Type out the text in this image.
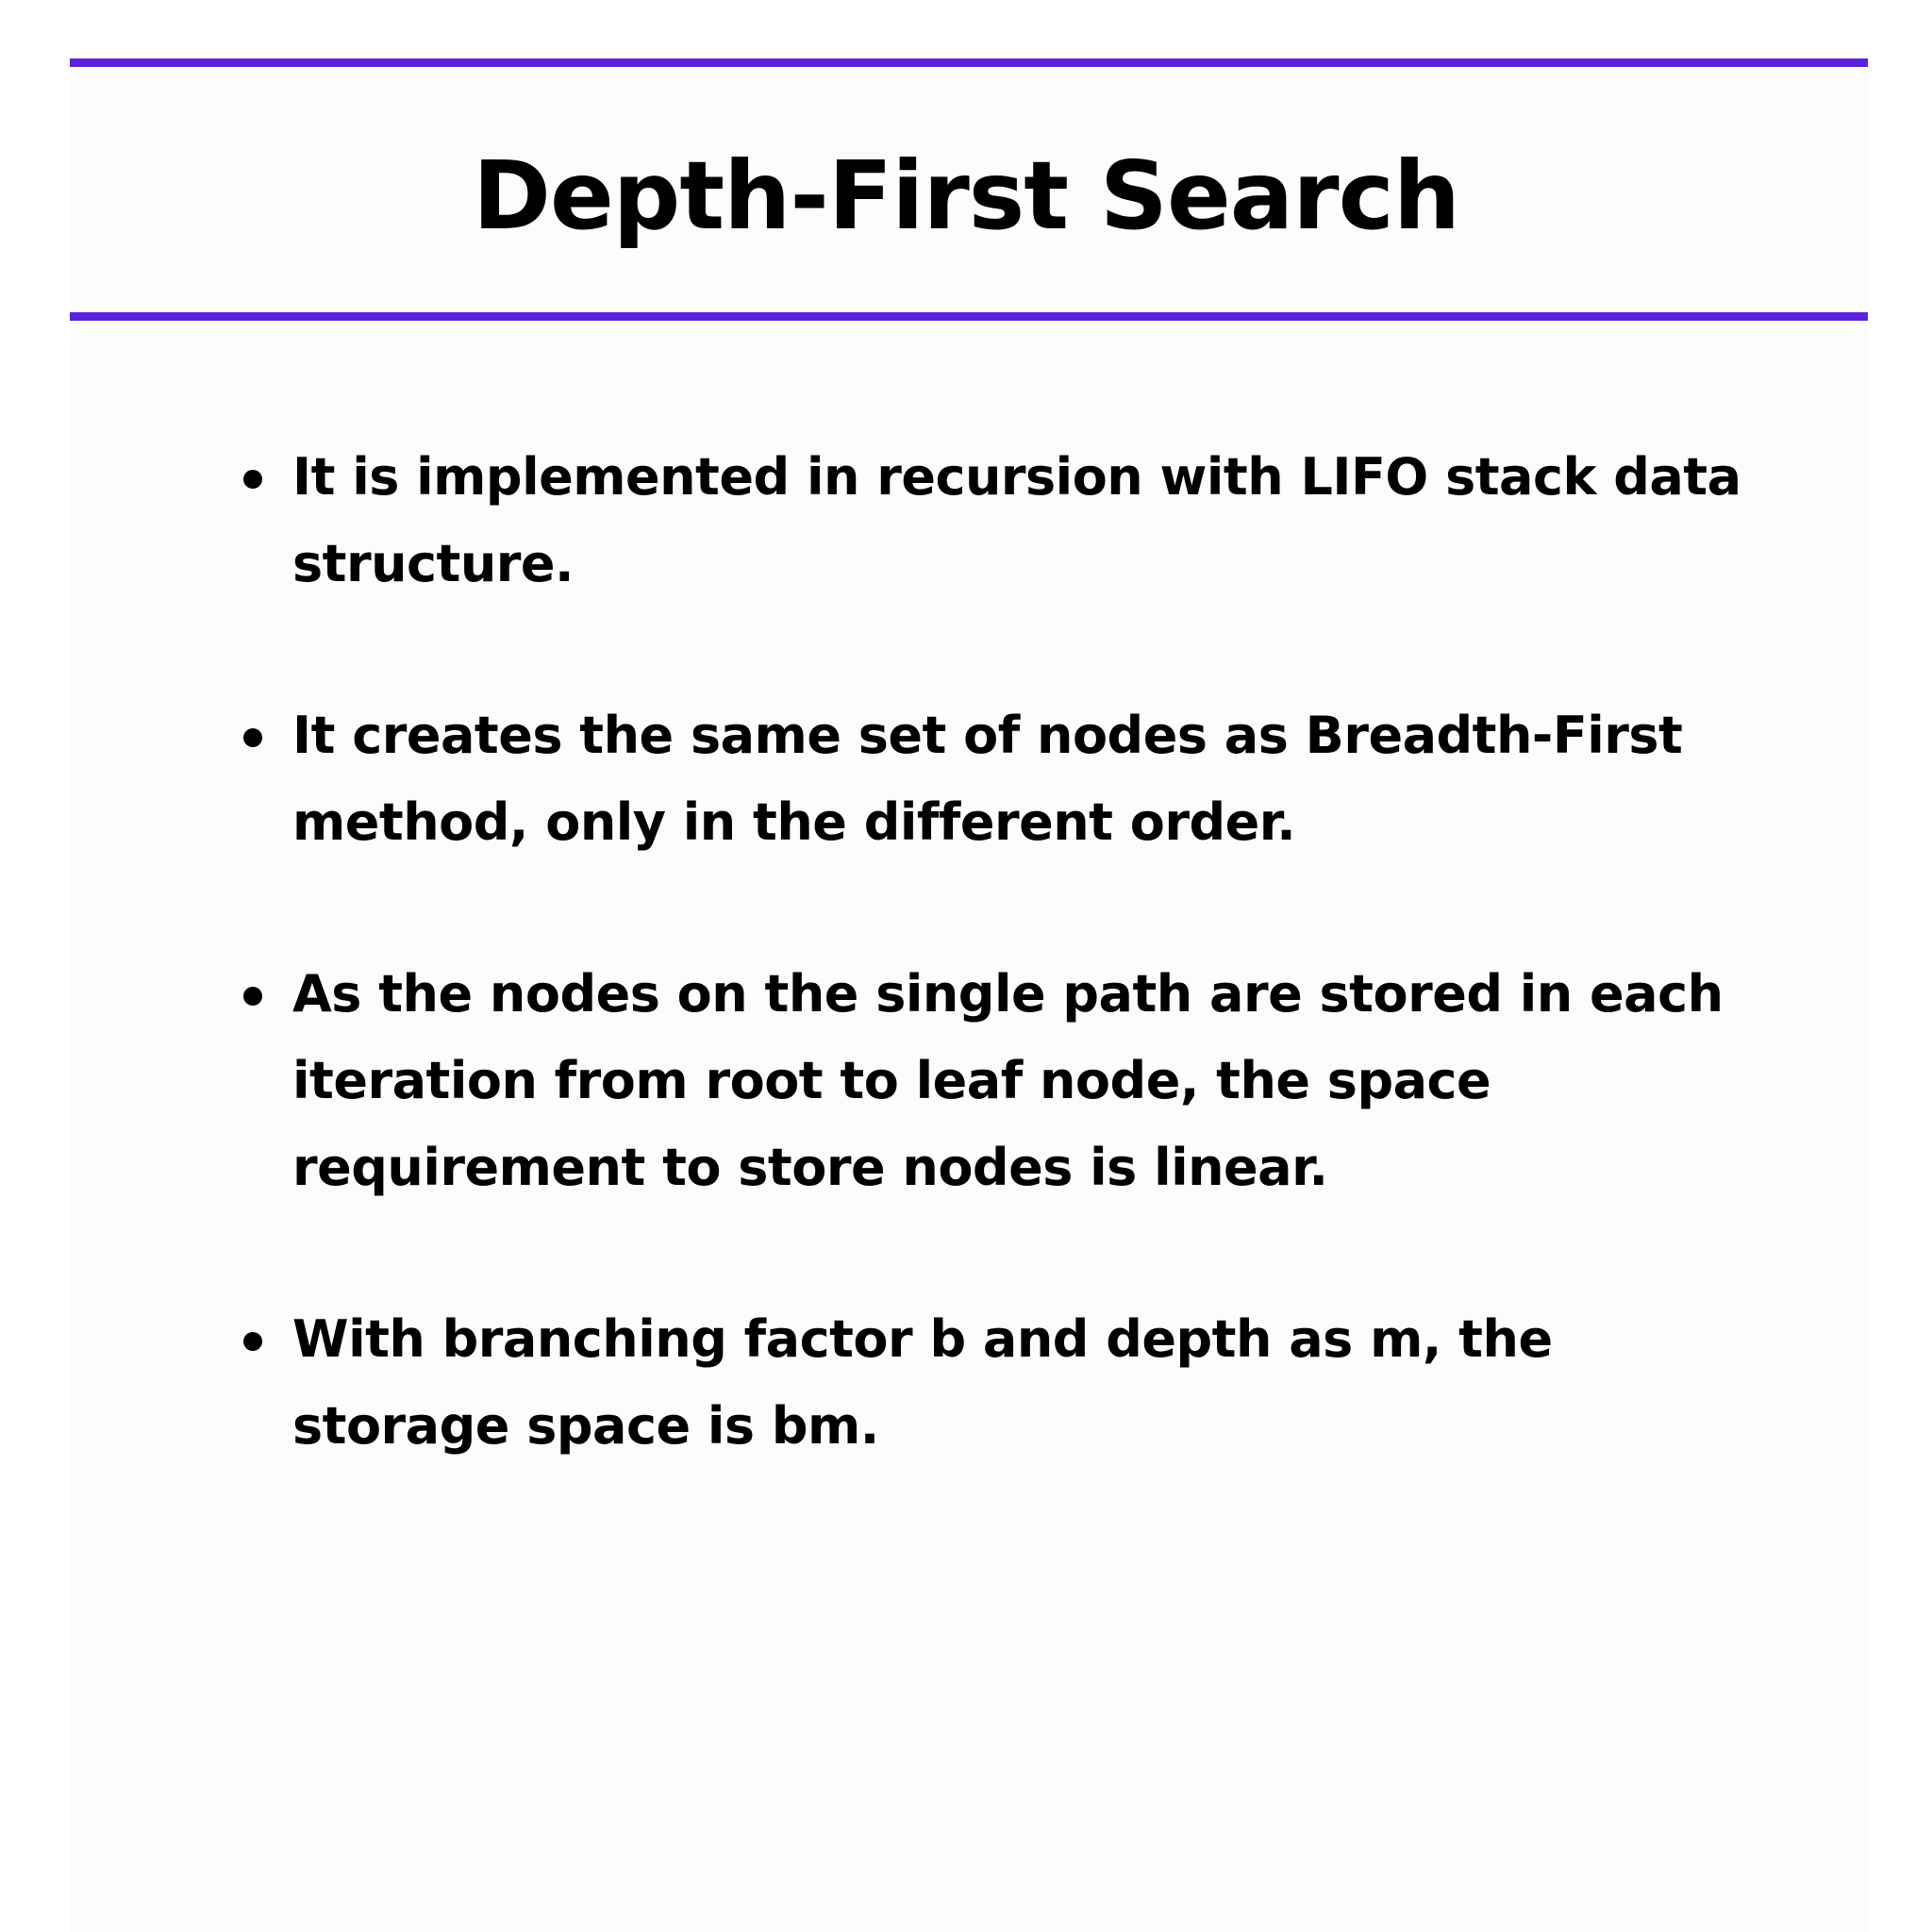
Depth-First Search
It is implemented in recursion with LIFO stack data structure.
It creates the same set of nodes as Breadth-First method, only in the different order.
As the nodes on the single path are stored in each iteration from root to leaf node, the space requirement to store nodes is linear.
With branching factor b and depth as m, the storage space is bm.
